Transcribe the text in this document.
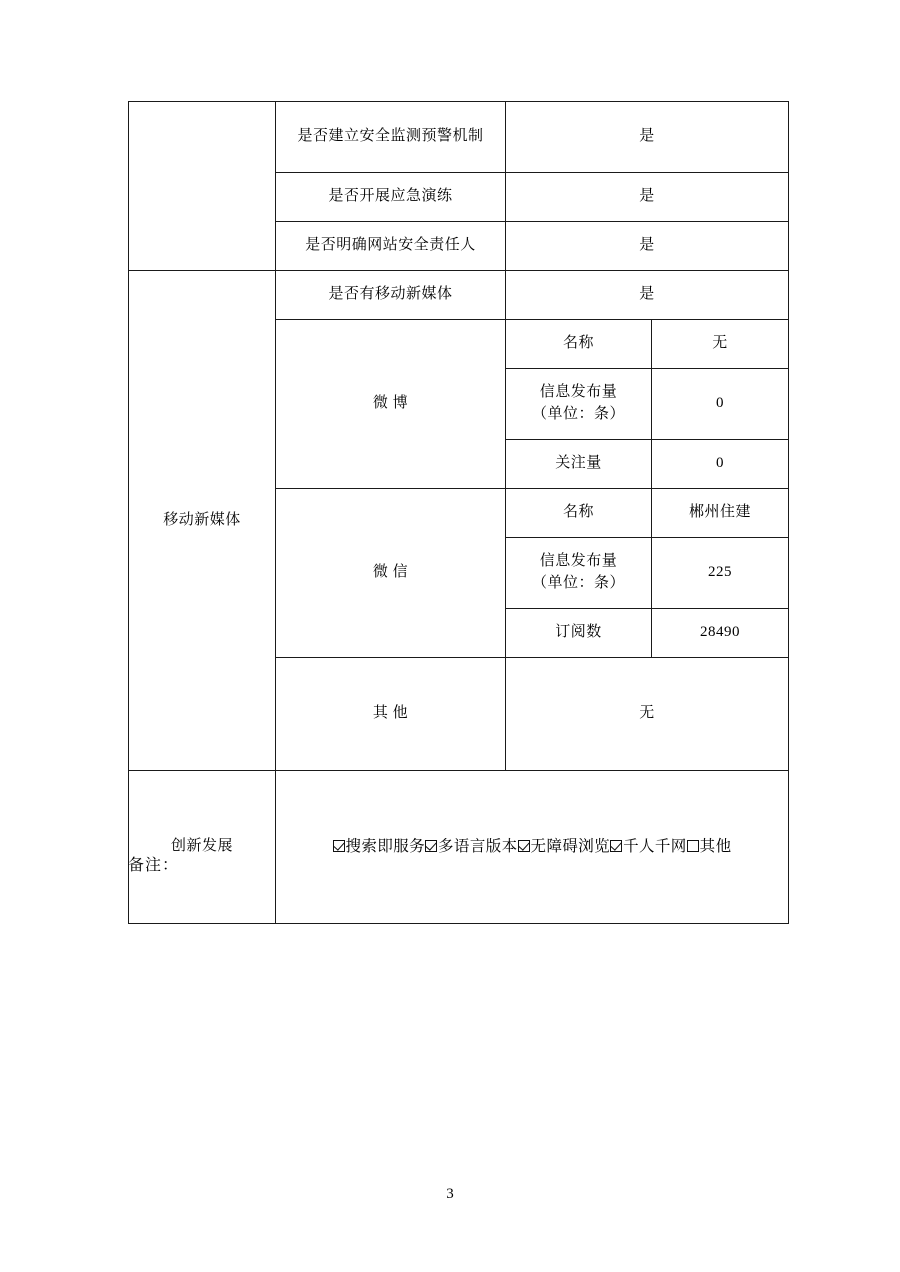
	是否建立安全监测预警机制	是	
	是否开展应急演练	是	
	是否明确网站安全责任人	是	
移动新媒体	是否有移动新媒体	是	
	微 博	名称	无

		信息发布量
（单位：条）	0
		关注量	0
	微 信	名称	郴州住建

		信息发布量
（单位：条）	225
		订阅数	28490
	其 他	无	
创新发展	搜索即服务 多语言版本 无障碍浏览 千人千网 其他		
备注：
3
